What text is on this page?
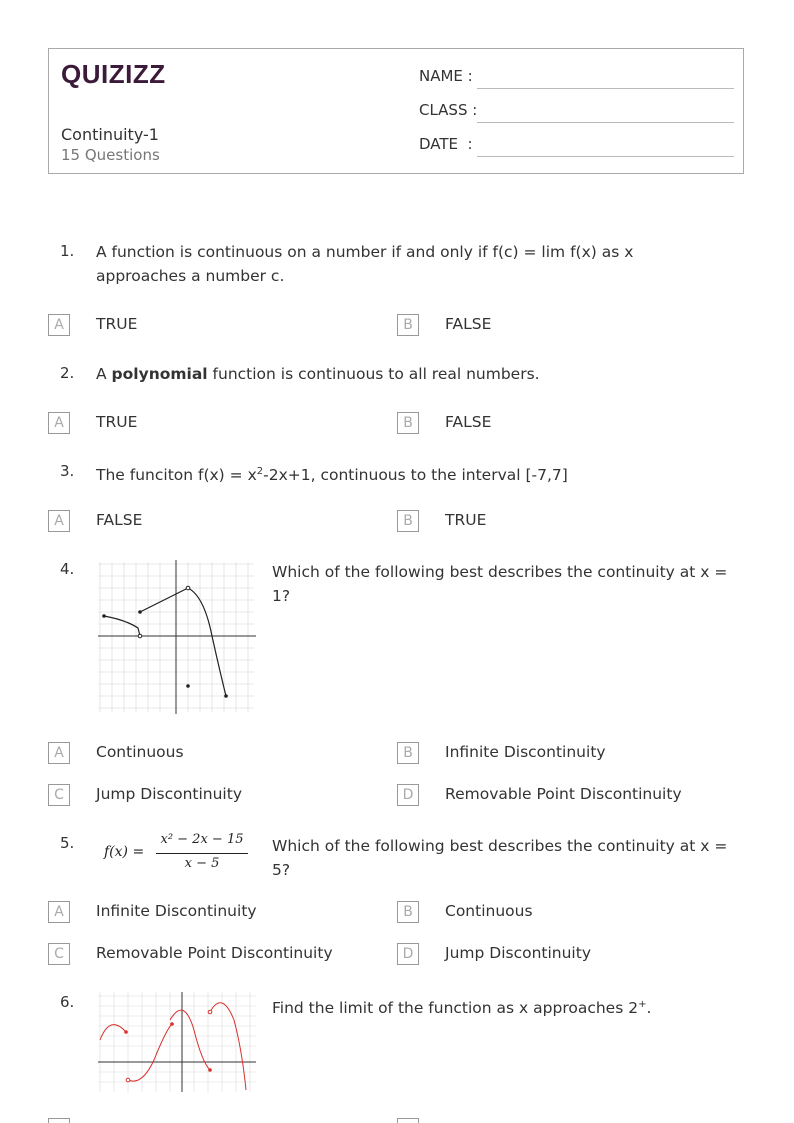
QUIZIZZ
Continuity-1
15 Questions
NAME :
CLASS :
DATE  :
1. A function is continuous on a number if and only if f(c) = lim f(x) as x approaches a number c.
A	TRUE	B	FALSE
2. A polynomial function is continuous to all real numbers.
A	TRUE	B	FALSE
3. The funciton $f(x) = x^2-2x+1$, continuous to the interval [-7,7]
A	FALSE	B	TRUE
4.	Which of the following best describes the continuity at x = 1?
A	Continuous	B	Infinite Discontinuity
C	Jump Discontinuity	D	Removable Point Discontinuity
5. f(x) =
x² − 2x − 15
x − 5
Which of the following best describes the continuity at x = 5?
A	Infinite Discontinuity	B	Continuous
C	Removable Point Discontinuity	D	Jump Discontinuity
6.	Find the limit of the function as x approaches 2+.
